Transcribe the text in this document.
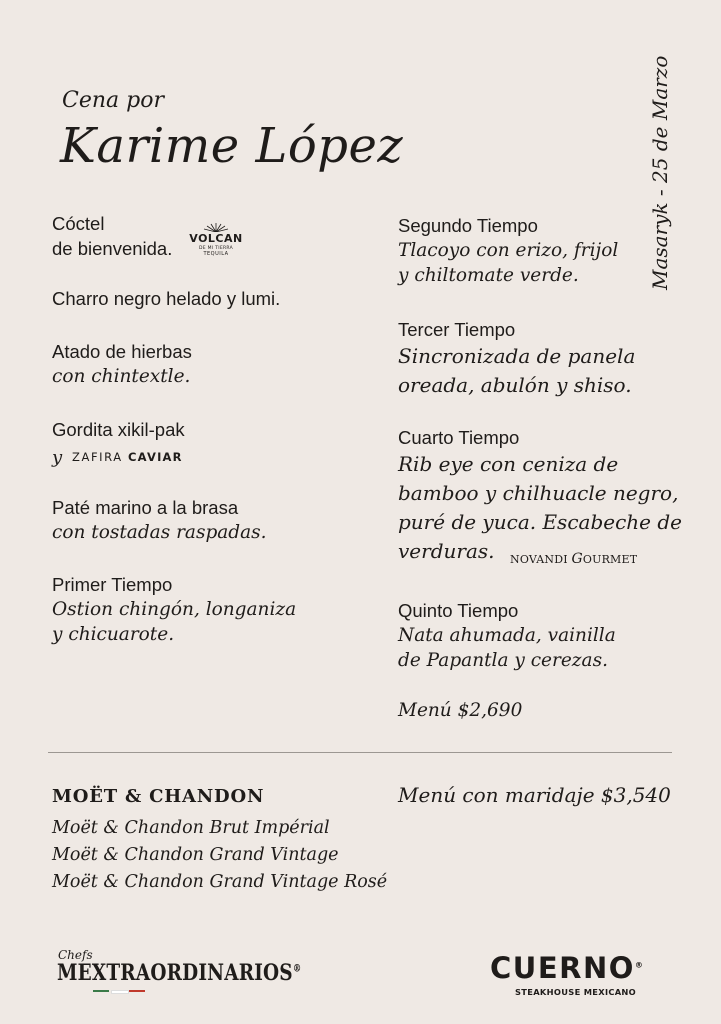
Cena por
Karime López	Masaryk - 25 de Marzo
Cóctel
de bienvenida. VOLCAN
DE MI TIERRA
TEQUILA
Charro negro helado y lumi.
Atado de hierbas
con chintextle.
Gordita xikil-pak
y ZAFIRA CAVIAR
Paté marino a la brasa
con tostadas raspadas.
Primer Tiempo
Ostion chingón, longaniza
y chicuarote.
Segundo Tiempo
Tlacoyo con erizo, frijol
y chiltomate verde.
Tercer Tiempo
Sincronizada de panela
oreada, abulón y shiso.
Cuarto Tiempo
Rib eye con ceniza de
bamboo y chilhuacle negro,
puré de yuca. Escabeche de
verduras.	NOVANDI GOURMET
Quinto Tiempo
Nata ahumada, vainilla
de Papantla y cerezas.
Menú $2,690
MOËT & CHANDON
Moët & Chandon Brut Impérial
Moët & Chandon Grand Vintage
Moët & Chandon Grand Vintage Rosé
Menú con maridaje $3,540
Chefs
MEXTRAORDINARIOS®	CUERNO®
STEAKHOUSE MEXICANO
